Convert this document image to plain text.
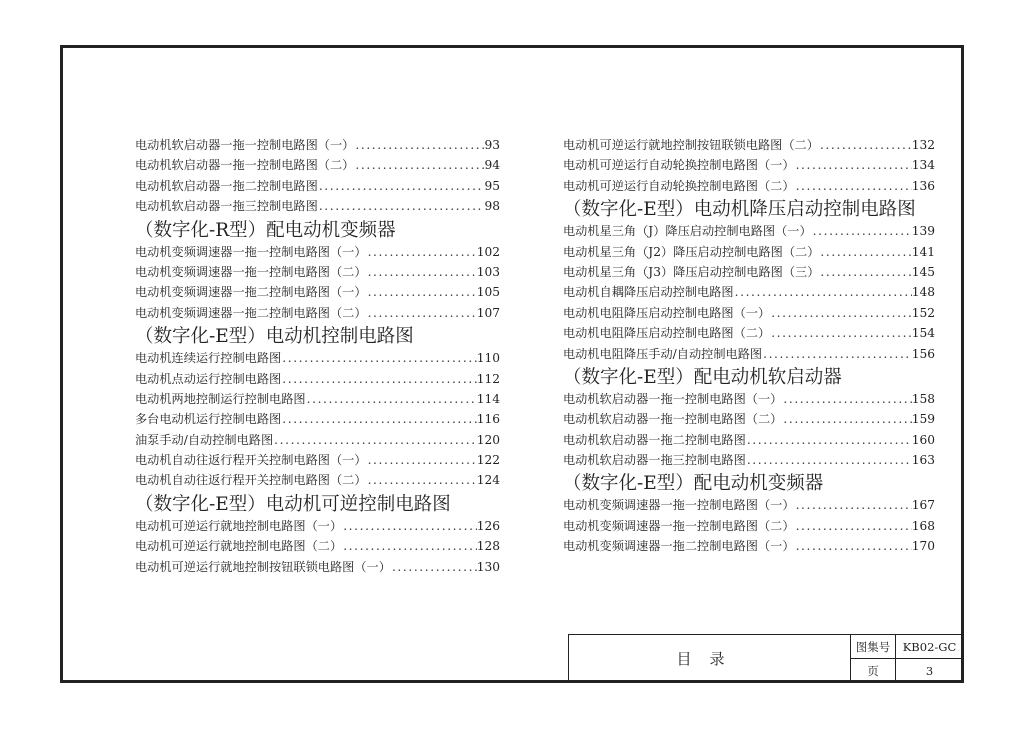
电动机软启动器一拖一控制电路图（一） .....	93
电动机软启动器一拖一控制电路图（二） .....	94
电动机软启动器一拖二控制电路图 .....	95
电动机软启动器一拖三控制电路图 .....	98
（数字化-R型）配电动机变频器
电动机变频调速器一拖一控制电路图（一） .....	102
电动机变频调速器一拖一控制电路图（二） .....	103
电动机变频调速器一拖二控制电路图（一） .....	105
电动机变频调速器一拖二控制电路图（二） .....	107
（数字化-E型）电动机控制电路图
电动机连续运行控制电路图 .....	110
电动机点动运行控制电路图 .....	112
电动机两地控制运行控制电路图 .....	114
多台电动机运行控制电路图 .....	116
油泵手动/自动控制电路图 .....	120
电动机自动往返行程开关控制电路图（一） .....	122
电动机自动往返行程开关控制电路图（二） .....	124
（数字化-E型）电动机可逆控制电路图
电动机可逆运行就地控制电路图（一） .....	126
电动机可逆运行就地控制电路图（二） .....	128
电动机可逆运行就地控制按钮联锁电路图（一） .....	130
电动机可逆运行就地控制按钮联锁电路图（二） .....	132
电动机可逆运行自动轮换控制电路图（一） .....	134
电动机可逆运行自动轮换控制电路图（二） .....	136
（数字化-E型）电动机降压启动控制电路图
电动机星三角（J）降压启动控制电路图（一） .....	139
电动机星三角（J2）降压启动控制电路图（二） .....	141
电动机星三角（J3）降压启动控制电路图（三） .....	145
电动机自耦降压启动控制电路图 .....	148
电动机电阻降压启动控制电路图（一） .....	152
电动机电阻降压启动控制电路图（二） .....	154
电动机电阻降压手动/自动控制电路图 .....	156
（数字化-E型）配电动机软启动器
电动机软启动器一拖一控制电路图（一） .....	158
电动机软启动器一拖一控制电路图（二） .....	159
电动机软启动器一拖二控制电路图 .....	160
电动机软启动器一拖三控制电路图 .....	163
（数字化-E型）配电动机变频器
电动机变频调速器一拖一控制电路图（一） .....	167
电动机变频调速器一拖一控制电路图（二） .....	168
电动机变频调速器一拖二控制电路图（一） .....	170
目录	图集号	KB02-GC
	页	3
